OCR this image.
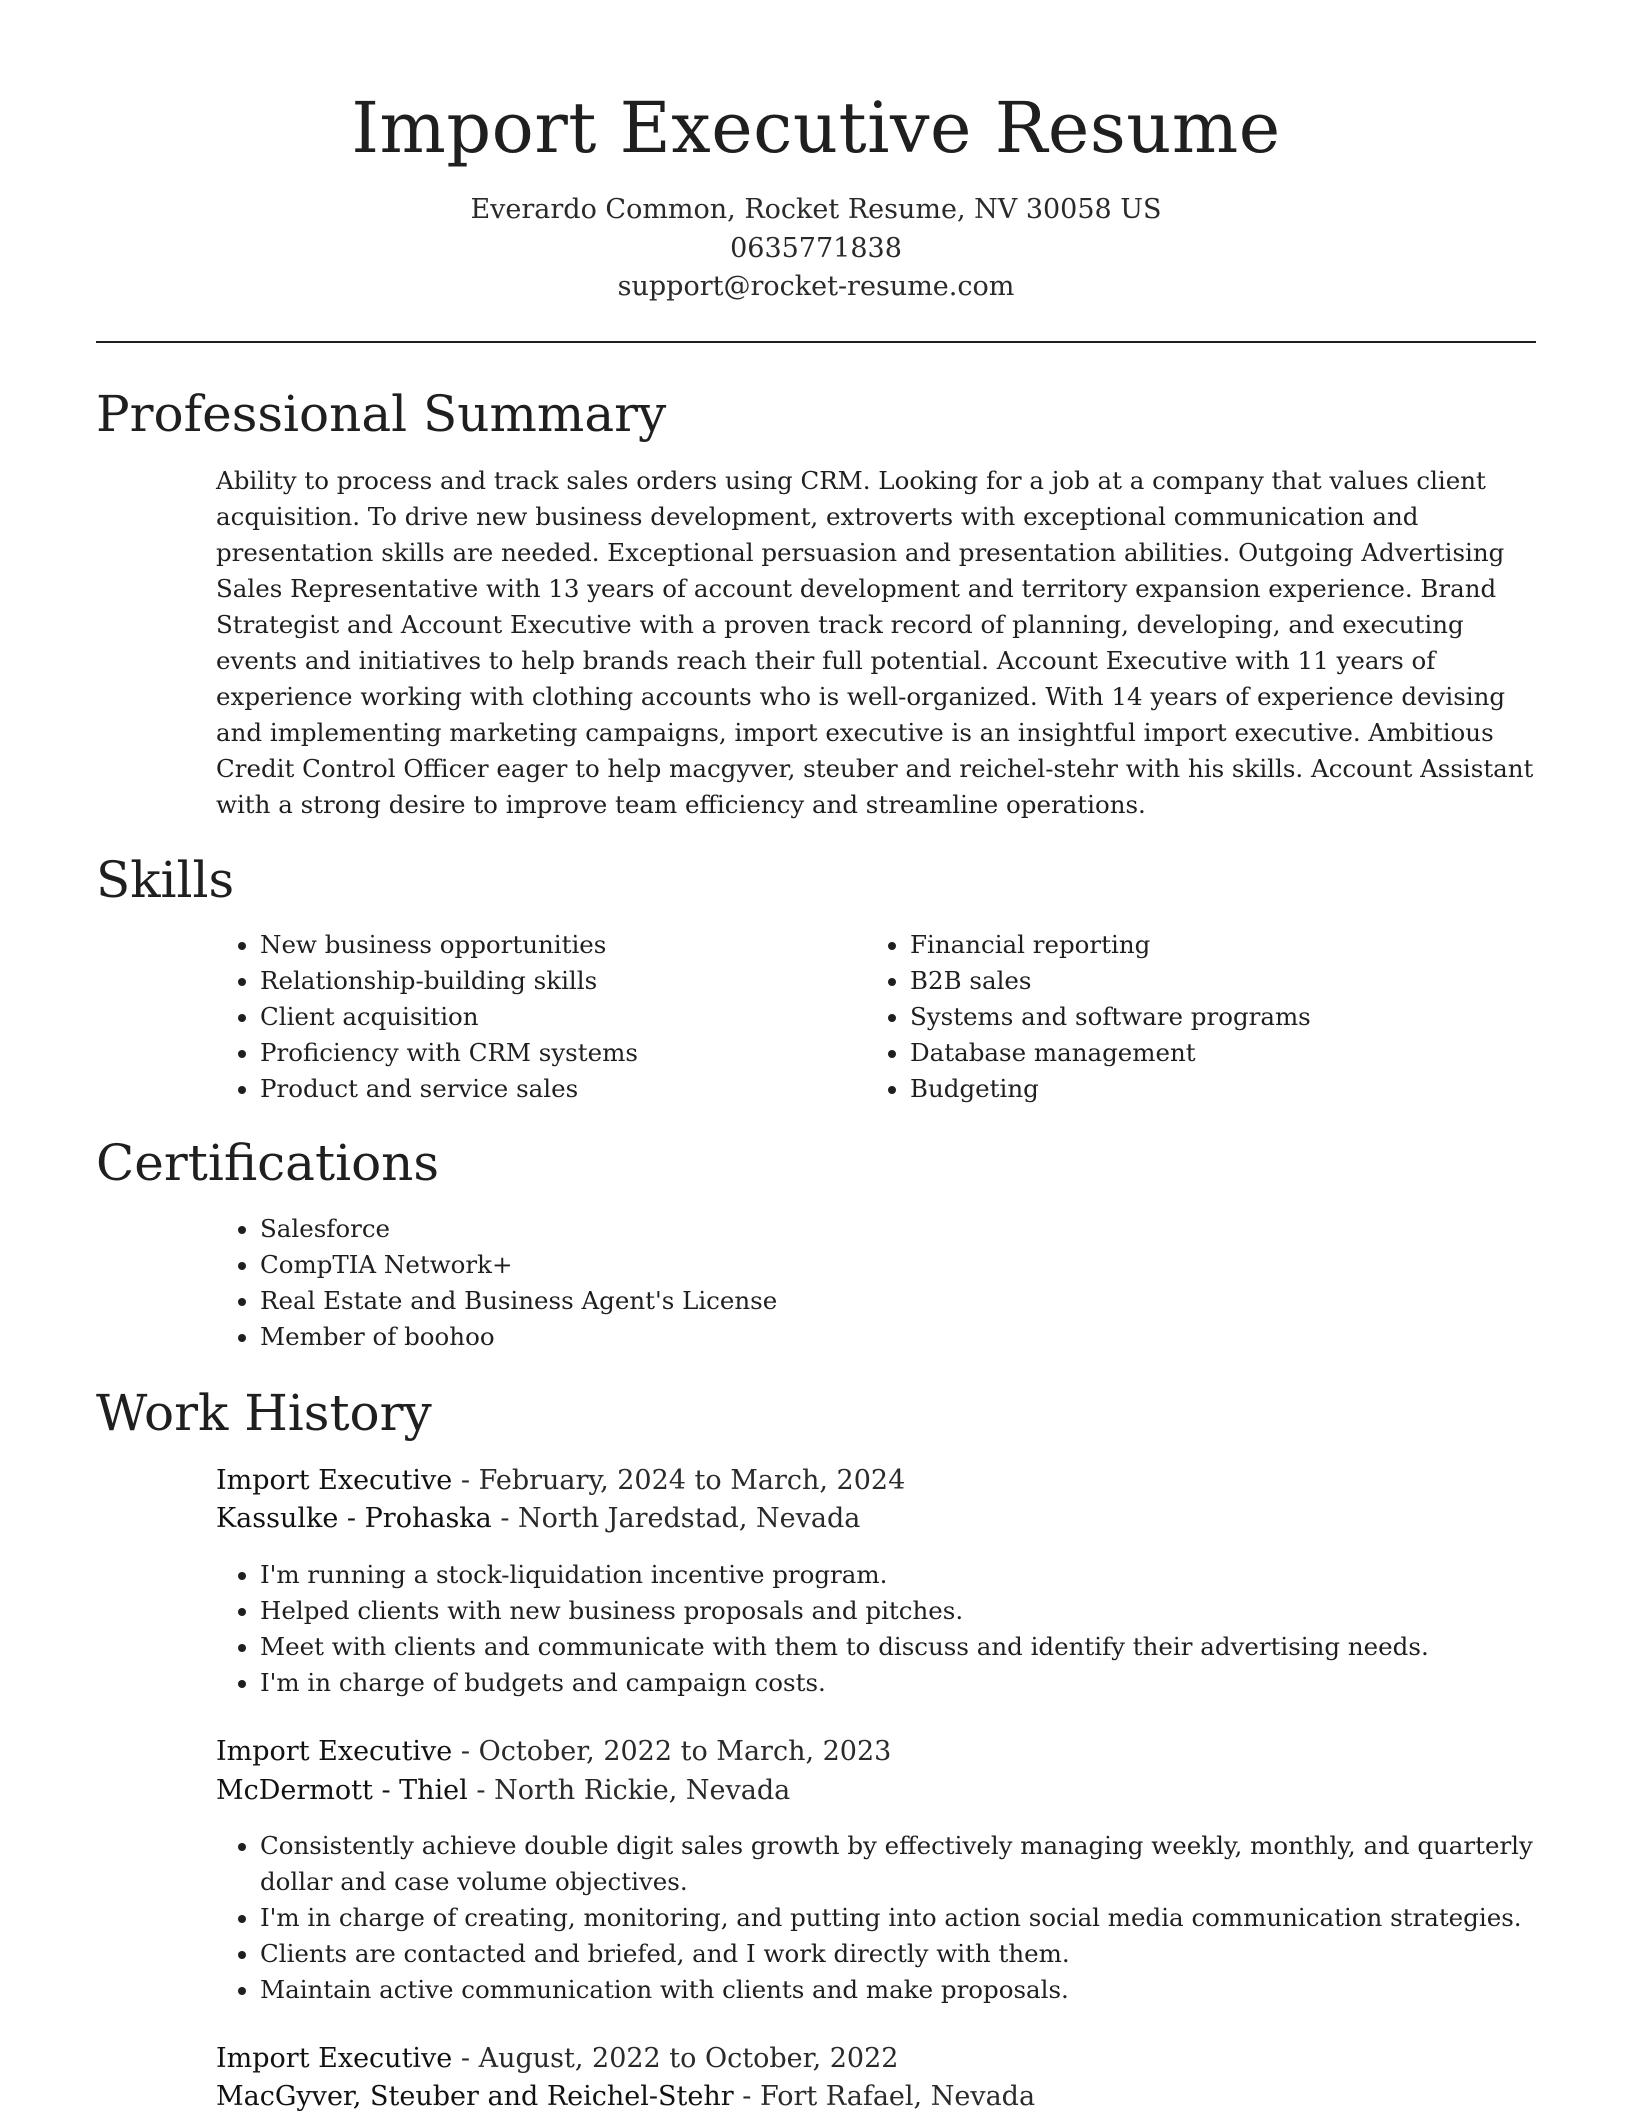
Import Executive Resume
Everardo Common, Rocket Resume, NV 30058 US
0635771838
support@rocket-resume.com
Professional Summary

Ability to process and track sales orders using CRM. Looking for a job at a company that values client acquisition. To drive new business development, extroverts with exceptional communication and presentation skills are needed. Exceptional persuasion and presentation abilities. Outgoing Advertising Sales Representative with 13 years of account development and territory expansion experience. Brand Strategist and Account Executive with a proven track record of planning, developing, and executing events and initiatives to help brands reach their full potential. Account Executive with 11 years of experience working with clothing accounts who is well-organized. With 14 years of experience devising and implementing marketing campaigns, import executive is an insightful import executive. Ambitious Credit Control Officer eager to help macgyver, steuber and reichel-stehr with his skills. Account Assistant with a strong desire to improve team efficiency and streamline operations.

Skills
• New business opportunities
• Relationship-building skills
• Client acquisition
• Proficiency with CRM systems
• Product and service sales
• Financial reporting
• B2B sales
• Systems and software programs
• Database management
• Budgeting
Certifications
• Salesforce
• CompTIA Network+
• Real Estate and Business Agent's License
• Member of boohoo
Work History
Import Executive - February, 2024 to March, 2024
Kassulke - Prohaska - North Jaredstad, Nevada
• I'm running a stock-liquidation incentive program.
• Helped clients with new business proposals and pitches.
• Meet with clients and communicate with them to discuss and identify their advertising needs.
• I'm in charge of budgets and campaign costs.
Import Executive - October, 2022 to March, 2023
McDermott - Thiel - North Rickie, Nevada
• Consistently achieve double digit sales growth by effectively managing weekly, monthly, and quarterly dollar and case volume objectives.
• I'm in charge of creating, monitoring, and putting into action social media communication strategies.
• Clients are contacted and briefed, and I work directly with them.
• Maintain active communication with clients and make proposals.
Import Executive - August, 2022 to October, 2022
MacGyver, Steuber and Reichel-Stehr - Fort Rafael, Nevada
